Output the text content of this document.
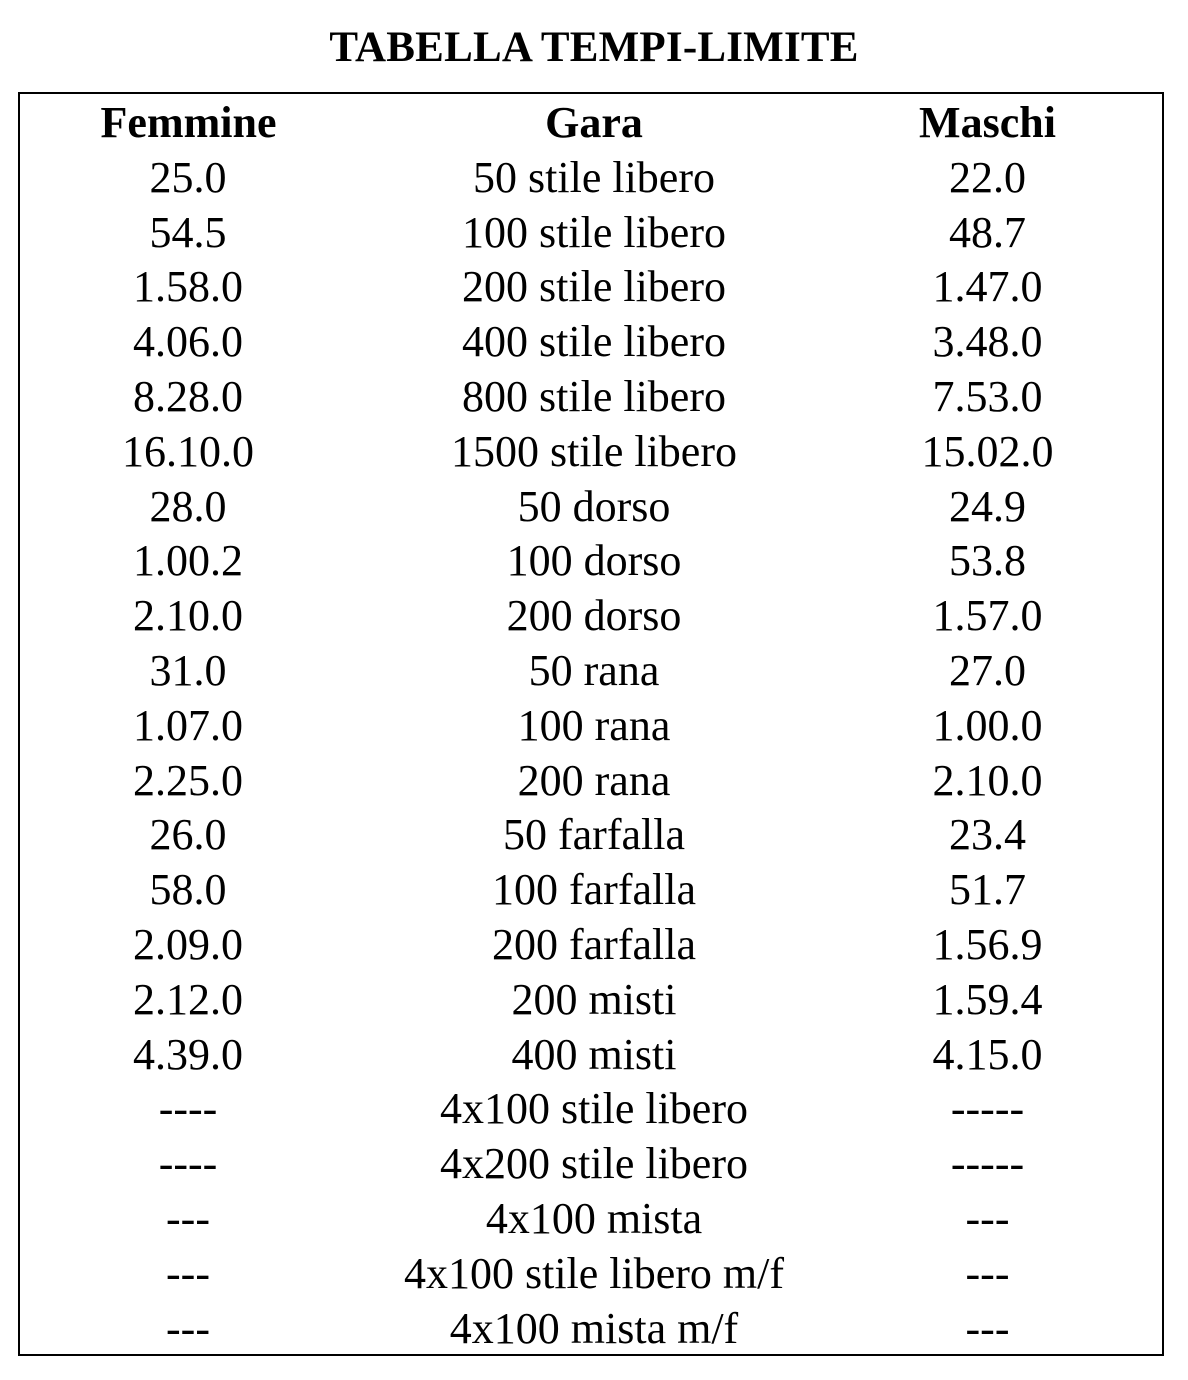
TABELLA TEMPI-LIMITE
Femmine	Gara	Maschi
25.0	50 stile libero	22.0
54.5	100 stile libero	48.7
1.58.0	200 stile libero	1.47.0
4.06.0	400 stile libero	3.48.0
8.28.0	800 stile libero	7.53.0
16.10.0	1500 stile libero	15.02.0
28.0	50 dorso	24.9
1.00.2	100 dorso	53.8
2.10.0	200 dorso	1.57.0
31.0	50 rana	27.0
1.07.0	100 rana	1.00.0
2.25.0	200 rana	2.10.0
26.0	50 farfalla	23.4
58.0	100 farfalla	51.7
2.09.0	200 farfalla	1.56.9
2.12.0	200 misti	1.59.4
4.39.0	400 misti	4.15.0
----	4x100 stile libero	-----
----	4x200 stile libero	-----
---	4x100 mista	---
---	4x100 stile libero m/f	---
---	4x100 mista m/f	---
